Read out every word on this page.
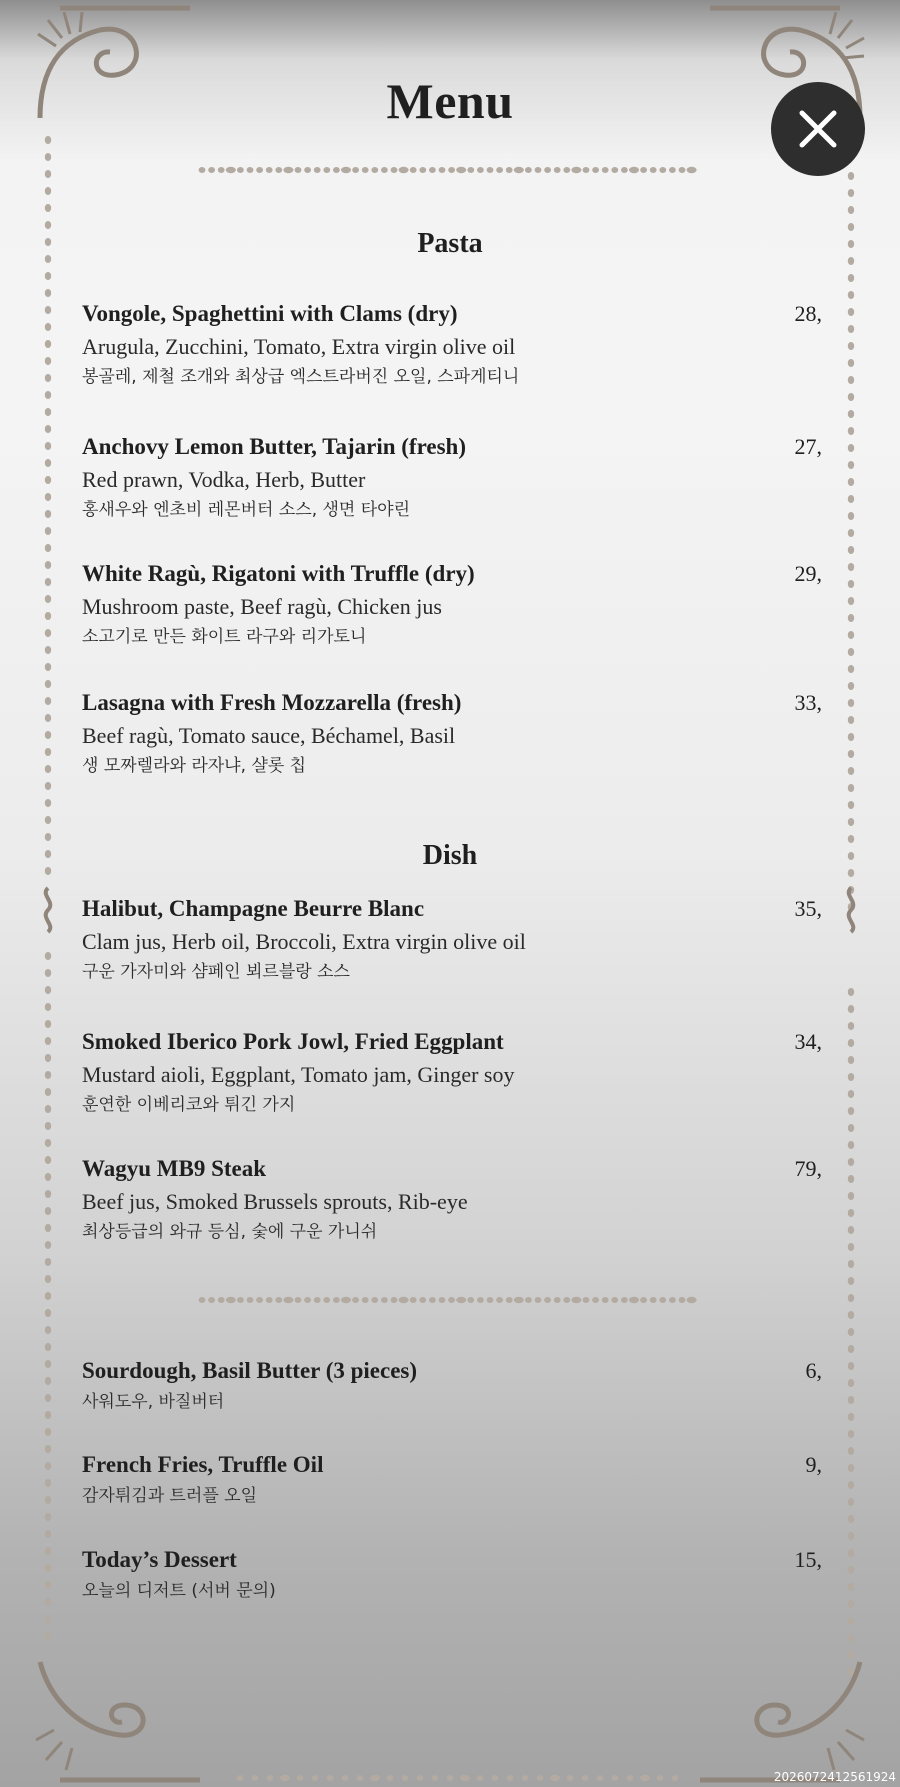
Menu
Pasta
Vongole, Spaghettini with Clams (dry)
Arugula, Zucchini, Tomato, Extra virgin olive oil
봉골레, 제철 조개와 최상급 엑스트라버진 오일, 스파게티니
28,
Anchovy Lemon Butter, Tajarin (fresh)
Red prawn, Vodka, Herb, Butter
홍새우와 엔초비 레몬버터 소스, 생면 타야린
27,
White Ragù, Rigatoni with Truffle (dry)
Mushroom paste, Beef ragù, Chicken jus
소고기로 만든 화이트 라구와 리가토니
29,
Lasagna with Fresh Mozzarella (fresh)
Beef ragù, Tomato sauce, Béchamel, Basil
생 모짜렐라와 라자냐, 샬롯 칩
33,
Dish
Halibut, Champagne Beurre Blanc
Clam jus, Herb oil, Broccoli, Extra virgin olive oil
구운 가자미와 샴페인 뵈르블랑 소스
35,
Smoked Iberico Pork Jowl, Fried Eggplant
Mustard aioli, Eggplant, Tomato jam, Ginger soy
훈연한 이베리코와 튀긴 가지
34,
Wagyu MB9 Steak
Beef jus, Smoked Brussels sprouts, Rib-eye
최상등급의 와규 등심, 숯에 구운 가니쉬
79,
Sourdough, Basil Butter (3 pieces)
사워도우, 바질버터
6,
French Fries, Truffle Oil
감자튀김과 트러플 오일
9,
Today’s Dessert
오늘의 디저트 (서버 문의)
15,
20260724125619​24
